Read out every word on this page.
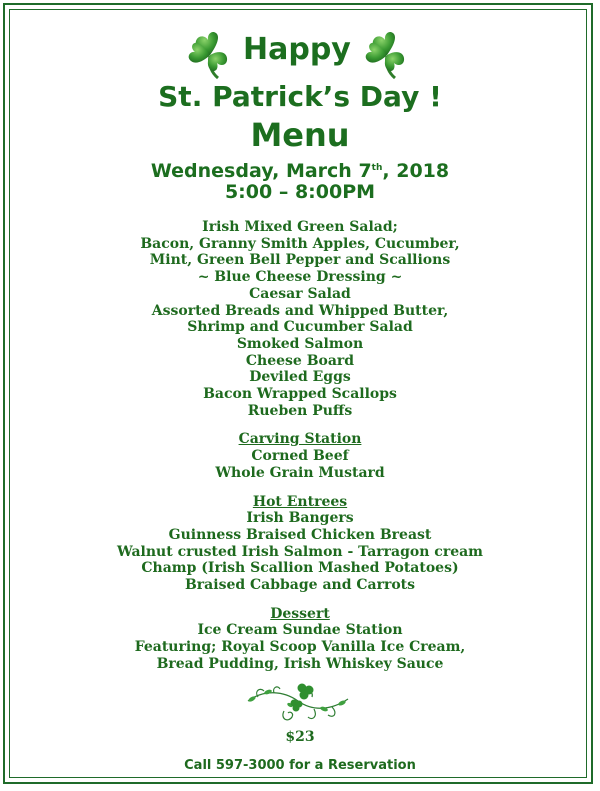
Happy
St. Patrick’s Day !
Menu
Wednesday, March 7th, 2018
5:00 – 8:00PM
Irish Mixed Green Salad;
Bacon, Granny Smith Apples, Cucumber,
Mint, Green Bell Pepper and Scallions
~ Blue Cheese Dressing ~
Caesar Salad
Assorted Breads and Whipped Butter,
Shrimp and Cucumber Salad
Smoked Salmon
Cheese Board
Deviled Eggs
Bacon Wrapped Scallops
Rueben Puffs
Carving Station
Corned Beef
Whole Grain Mustard
Hot Entrees
Irish Bangers
Guinness Braised Chicken Breast
Walnut crusted Irish Salmon - Tarragon cream
Champ (Irish Scallion Mashed Potatoes)
Braised Cabbage and Carrots
Dessert
Ice Cream Sundae Station
Featuring; Royal Scoop Vanilla Ice Cream,
Bread Pudding, Irish Whiskey Sauce
$23
Call 597-3000 for a Reservation
